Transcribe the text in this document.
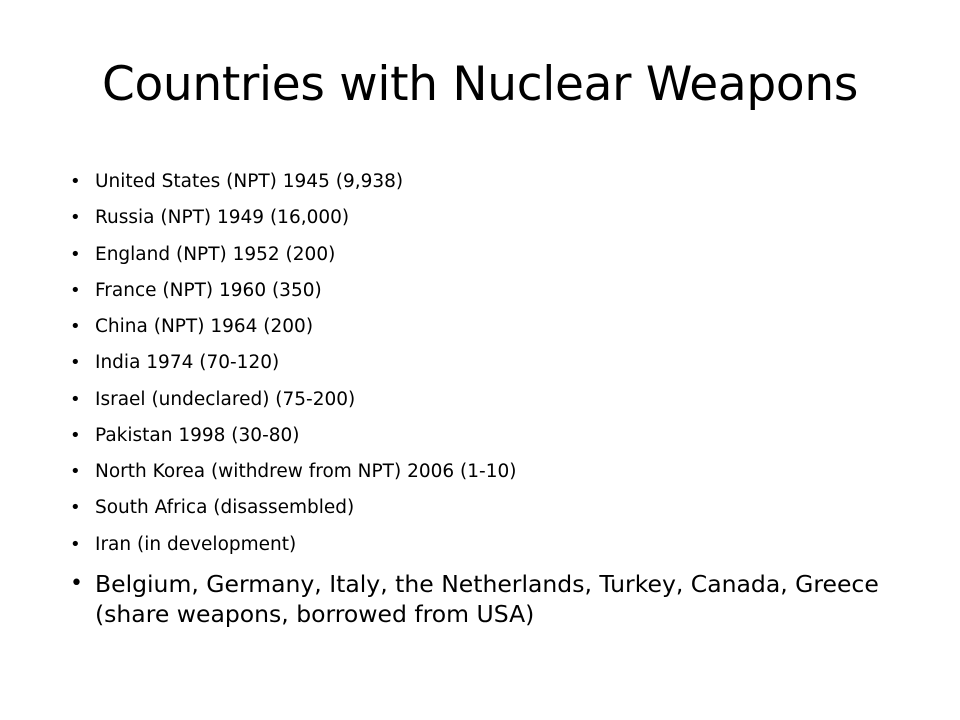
Countries with Nuclear Weapons
• United States (NPT) 1945 (9,938)
• Russia (NPT) 1949 (16,000)
• England (NPT) 1952 (200)
• France (NPT) 1960 (350)
• China (NPT) 1964 (200)
• India 1974 (70-120)
• Israel (undeclared) (75-200)
• Pakistan 1998 (30-80)
• North Korea (withdrew from NPT) 2006 (1-10)
• South Africa (disassembled)
• Iran (in development)
• Belgium, Germany, Italy, the Netherlands, Turkey, Canada, Greece (share weapons, borrowed from USA)
